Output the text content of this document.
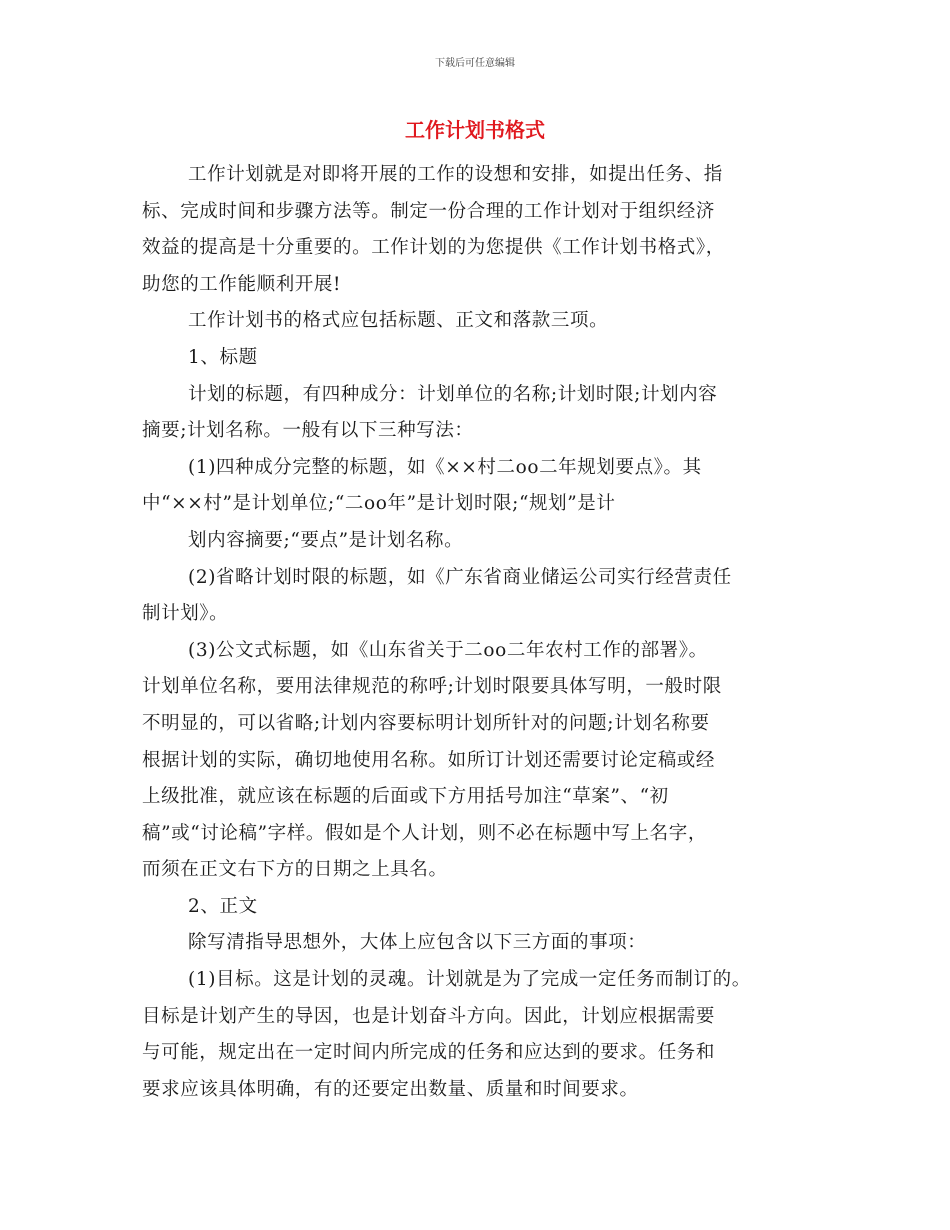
下载后可任意编辑
工作计划书格式
工作计划就是对即将开展的工作的设想和安排，如提出任务、指
标、完成时间和步骤方法等。制定一份合理的工作计划对于组织经济
效益的提高是十分重要的。工作计划的为您提供《工作计划书格式》，
助您的工作能顺利开展!
工作计划书的格式应包括标题、正文和落款三项。
1、标题
计划的标题，有四种成分：计划单位的名称;计划时限;计划内容
摘要;计划名称。一般有以下三种写法：
(1)四种成分完整的标题，如《××村二oo二年规划要点》。其
中“××村”是计划单位;“二oo年”是计划时限;“规划”是计
划内容摘要;“要点”是计划名称。
(2)省略计划时限的标题，如《广东省商业储运公司实行经营责任
制计划》。
(3)公文式标题，如《山东省关于二oo二年农村工作的部署》。
计划单位名称，要用法律规范的称呼;计划时限要具体写明，一般时限
不明显的，可以省略;计划内容要标明计划所针对的问题;计划名称要
根据计划的实际，确切地使用名称。如所订计划还需要讨论定稿或经
上级批准，就应该在标题的后面或下方用括号加注“草案”、“初
稿”或“讨论稿”字样。假如是个人计划，则不必在标题中写上名字，
而须在正文右下方的日期之上具名。
2、正文
除写清指导思想外，大体上应包含以下三方面的事项：
(1)目标。这是计划的灵魂。计划就是为了完成一定任务而制订的。
目标是计划产生的导因，也是计划奋斗方向。因此，计划应根据需要
与可能，规定出在一定时间内所完成的任务和应达到的要求。任务和
要求应该具体明确，有的还要定出数量、质量和时间要求。
